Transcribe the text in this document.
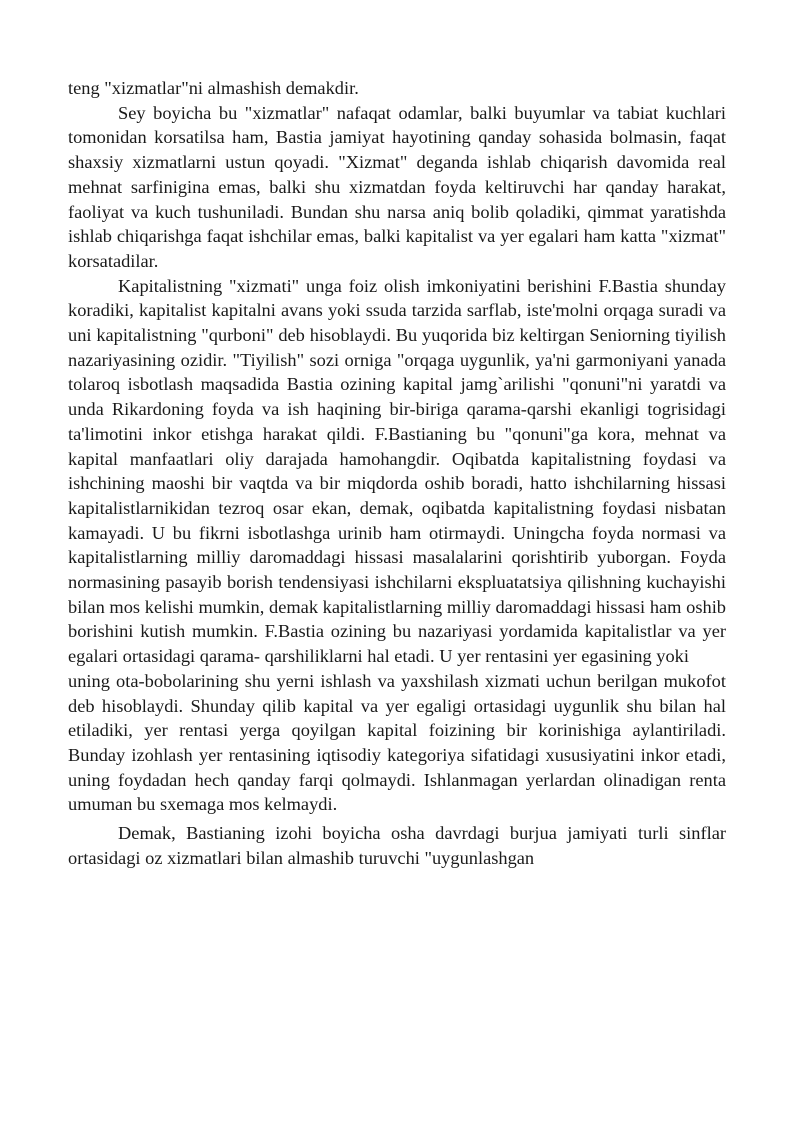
teng "xizmatlar"ni almashish demakdir.

Sey boyicha bu "xizmatlar" nafaqat odamlar, balki buyumlar va tabiat kuchlari tomonidan korsatilsa ham, Bastia jamiyat hayotining qanday sohasida bolmasin, faqat shaxsiy xizmatlarni ustun qoyadi. "Xizmat" deganda ishlab chiqarish davomida real mehnat sarfinigina emas, balki shu xizmatdan foyda keltiruvchi har qanday harakat, faoliyat va kuch tushuniladi. Bundan shu narsa aniq bolib qoladiki, qimmat yaratishda ishlab chiqarishga faqat ishchilar emas, balki kapitalist va yer egalari ham katta "xizmat" korsatadilar.

Kapitalistning "xizmati" unga foiz olish imkoniyatini berishini F.Bastia shunday koradiki, kapitalist kapitalni avans yoki ssuda tarzida sarflab, iste'molni orqaga suradi va uni kapitalistning "qurboni" deb hisoblaydi. Bu yuqorida biz keltirgan Seniorning tiyilish nazariyasining ozidir. "Tiyilish" sozi orniga "orqaga uygunlik, ya'ni garmoniyani yanada tolaroq isbotlash maqsadida Bastia ozining kapital jamg`arilishi "qonuni"ni yaratdi va unda Rikardoning foyda va ish haqining bir-biriga qarama-qarshi ekanligi togrisidagi ta'limotini inkor etishga harakat qildi. F.Bastianing bu "qonuni"ga kora, mehnat va kapital manfaatlari oliy darajada hamohangdir. Oqibatda kapitalistning foydasi va ishchining maoshi bir vaqtda va bir miqdorda oshib boradi, hatto ishchilarning hissasi kapitalistlarnikidan tezroq osar ekan, demak, oqibatda kapitalistning foydasi nisbatan kamayadi. U bu fikrni isbotlashga urinib ham otirmaydi. Uningcha foyda normasi va kapitalistlarning milliy daromaddagi hissasi masalalarini qorishtirib yuborgan. Foyda normasining pasayib borish tendensiyasi ishchilarni ekspluatatsiya qilishning kuchayishi bilan mos kelishi mumkin, demak kapitalistlarning milliy daromaddagi hissasi ham oshib borishini kutish mumkin. F.Bastia ozining bu nazariyasi yordamida kapitalistlar va yer egalari ortasidagi qarama- qarshiliklarni hal etadi. U yer rentasini yer egasining yoki

uning ota-bobolarining shu yerni ishlash va yaxshilash xizmati uchun berilgan mukofot deb hisoblaydi. Shunday qilib kapital va yer egaligi ortasidagi uygunlik shu bilan hal etiladiki, yer rentasi yerga qoyilgan kapital foizining bir korinishiga aylantiriladi. Bunday izohlash yer rentasining iqtisodiy kategoriya sifatidagi xususiyatini inkor etadi, uning foydadan hech qanday farqi qolmaydi. Ishlanmagan yerlardan olinadigan renta umuman bu sxemaga mos kelmaydi.

Demak, Bastianing izohi boyicha osha davrdagi burjua jamiyati turli sinflar ortasidagi oz xizmatlari bilan almashib turuvchi "uygunlashgan
